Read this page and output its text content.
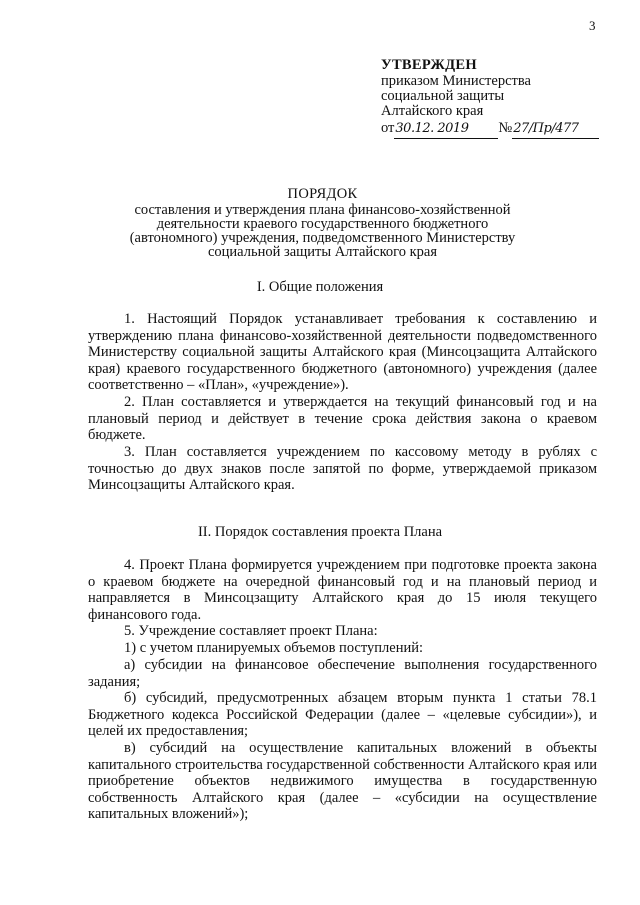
3
УТВЕРЖДЕН
приказом Министерства
социальной защиты
Алтайского края
от30.12. 2019 №27/Пр/477
ПОРЯДОК
составления и утверждения плана финансово-хозяйственной деятельности краевого государственного бюджетного (автономного) учреждения, подведомственного Министерству социальной защиты Алтайского края
I. Общие положения

1. Настоящий Порядок устанавливает требования к составлению и утверждению плана финансово-хозяйственной деятельности подведомственного Министерству социальной защиты Алтайского края (Минсоцзащита Алтайского края) краевого государственного бюджетного (автономного) учреждения (далее соответственно – «План», «учреждение»).

2. План составляется и утверждается на текущий финансовый год и на плановый период и действует в течение срока действия закона о краевом бюджете.

3. План составляется учреждением по кассовому методу в рублях с точностью до двух знаков после запятой по форме, утверждаемой приказом Минсоцзащиты Алтайского края.

II. Порядок составления проекта Плана

4. Проект Плана формируется учреждением при подготовке проекта закона о краевом бюджете на очередной финансовый год и на плановый период и направляется в Минсоцзащиту Алтайского края до 15 июля текущего финансового года.

5. Учреждение составляет проект Плана:

1) с учетом планируемых объемов поступлений:

а) субсидии на финансовое обеспечение выполнения государственного задания;

б) субсидий, предусмотренных абзацем вторым пункта 1 статьи 78.1 Бюджетного кодекса Российской Федерации (далее – «целевые субсидии»), и целей их предоставления;

в) субсидий на осуществление капитальных вложений в объекты капитального строительства государственной собственности Алтайского края или приобретение объектов недвижимого имущества в государственную собственность Алтайского края (далее – «субсидии на осуществление капитальных вложений»);
